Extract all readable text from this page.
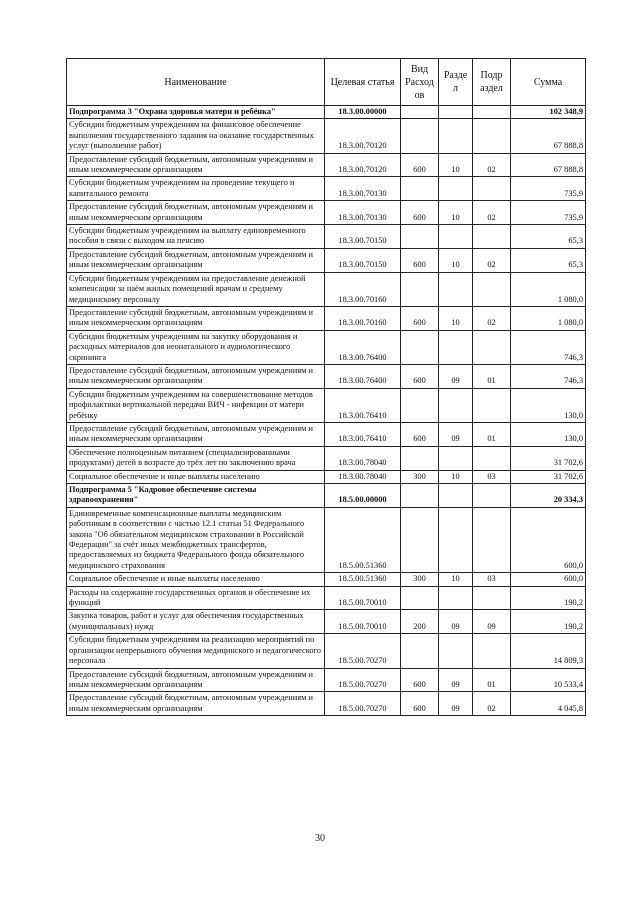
Наименование	Целевая статья	Вид Расход ов	Разде л	Подр аздел	Сумма
Подпрограмма 3 "Охрана здоровья матери и ребёнка"	18.3.00.00000				102 348,9
Субсидии бюджетным учреждениям на финансовое обеспечение выполнения государственного задания на оказание государственных услуг (выполнение работ)	18.3.00.70120				67 888,8
Предоставление субсидий бюджетным, автономным учреждениям и иным некоммерческим организациям	18.3.00.70120	600	10	02	67 888,8
Субсидии бюджетным учреждениям на проведение текущего и капитального ремонта	18.3.00.70130				735,9
Предоставление субсидий бюджетным, автономным учреждениям и иным некоммерческим организациям	18.3.00.70130	600	10	02	735,9
Субсидии бюджетным учреждениям на выплату единовременного пособия в связи с выходом на пенсию	18.3.00.70150				65,3
Предоставление субсидий бюджетным, автономным учреждениям и иным некоммерческим организациям	18.3.00.70150	600	10	02	65,3
Субсидии бюджетным учреждениям на предоставление денежной компенсации за наём жилых помещений врачам и среднему медицинскому персоналу	18.3.00.70160				1 080,0
Предоставление субсидий бюджетным, автономным учреждениям и иным некоммерческим организациям	18.3.00.70160	600	10	02	1 080,0
Субсидии бюджетным учреждениям на закупку оборудования и расходных материалов для неонатального и аудиологического скрининга	18.3.00.76400				746,3
Предоставление субсидий бюджетным, автономным учреждениям и иным некоммерческим организациям	18.3.00.76400	600	09	01	746,3
Субсидии бюджетным учреждениям на совершенствование методов профилактики вертикальной передачи ВИЧ - инфекции от матери ребёнку	18.3.00.76410				130,0
Предоставление субсидий бюджетным, автономным учреждениям и иным некоммерческим организациям	18.3.00.76410	600	09	01	130,0
Обеспечение полноценным питанием (специализированными продуктами) детей в возрасте до трёх лет по заключению врача	18.3.00.78040				31 702,6
Социальное обеспечение и иные выплаты населению	18.3.00.78040	300	10	03	31 702,6
Подпрограмма 5 "Кадровое обеспечение системы здравоохранения"	18.5.00.00000				20 334,3
Единовременные компенсационные выплаты медицинским работникам в соответствии с частью 12.1 статьи 51 Федерального закона "Об обязательном медицинском страховании в Российской Федерации" за счёт иных межбюджетных трансфертов, предоставляемых из бюджета Федерального фонда обязательного медицинского страхования	18.5.00.51360				600,0
Социальное обеспечение и иные выплаты населению	18.5.00.51360	300	10	03	600,0
Расходы на содержание государственных органов и обеспечение их функций	18.5.00.70010				190,2
Закупка товаров, работ и услуг для обеспечения государственных (муниципальных) нужд	18.5.00.70010	200	09	09	190,2
Субсидии бюджетным учреждениям на реализацию мероприятий по организации непрерывного обучения медицинского и педагогического персонала	18.5.00.70270				14 809,3
Предоставление субсидий бюджетным, автономным учреждениям и иным некоммерческим организациям	18.5.00.70270	600	09	01	10 533,4
Предоставление субсидий бюджетным, автономным учреждениям и иным некоммерческим организациям	18.5.00.70270	600	09	02	4 045,8
30
